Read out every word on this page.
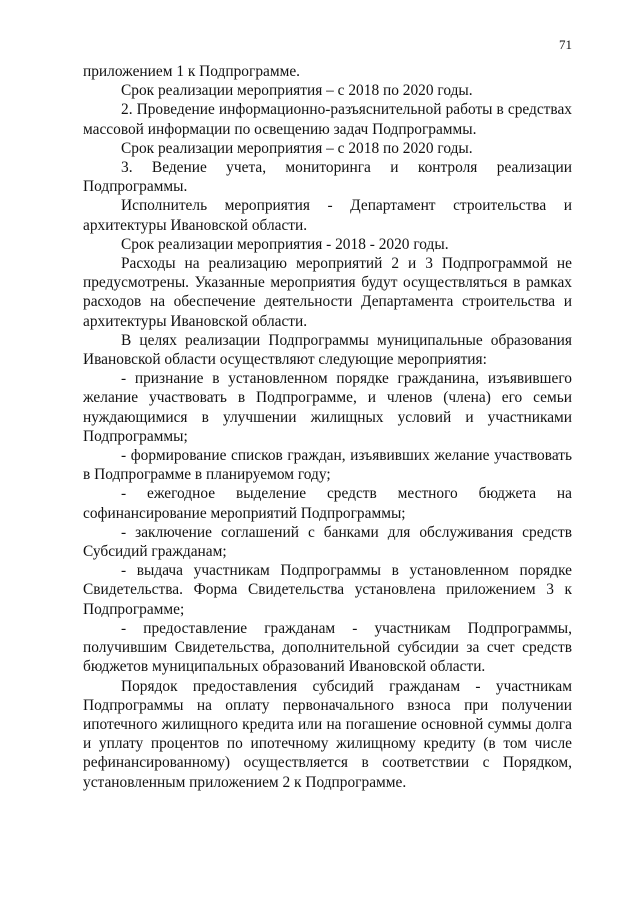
71

приложением 1 к Подпрограмме.

Срок реализации мероприятия – с 2018 по 2020 годы.

2. Проведение информационно-разъяснительной работы в средствах массовой информации по освещению задач Подпрограммы.

Срок реализации мероприятия – с 2018 по 2020 годы.

3. Ведение учета, мониторинга и контроля реализации Подпрограммы.

Исполнитель мероприятия - Департамент строительства и архитектуры Ивановской области.

Срок реализации мероприятия - 2018 - 2020 годы.

Расходы на реализацию мероприятий 2 и 3 Подпрограммой не предусмотрены. Указанные мероприятия будут осуществляться в рамках расходов на обеспечение деятельности Департамента строительства и архитектуры Ивановской области.

В целях реализации Подпрограммы муниципальные образования Ивановской области осуществляют следующие мероприятия:

- признание в установленном порядке гражданина, изъявившего желание участвовать в Подпрограмме, и членов (члена) его семьи нуждающимися в улучшении жилищных условий и участниками Подпрограммы;

- формирование списков граждан, изъявивших желание участвовать в Подпрограмме в планируемом году;

- ежегодное выделение средств местного бюджета на софинансирование мероприятий Подпрограммы;

- заключение соглашений с банками для обслуживания средств Субсидий гражданам;

- выдача участникам Подпрограммы в установленном порядке Свидетельства. Форма Свидетельства установлена приложением 3 к Подпрограмме;

- предоставление гражданам - участникам Подпрограммы, получившим Свидетельства, дополнительной субсидии за счет средств бюджетов муниципальных образований Ивановской области.

Порядок предоставления субсидий гражданам - участникам Подпрограммы на оплату первоначального взноса при получении ипотечного жилищного кредита или на погашение основной суммы долга и уплату процентов по ипотечному жилищному кредиту (в том числе рефинансированному) осуществляется в соответствии с Порядком, установленным приложением 2 к Подпрограмме.
